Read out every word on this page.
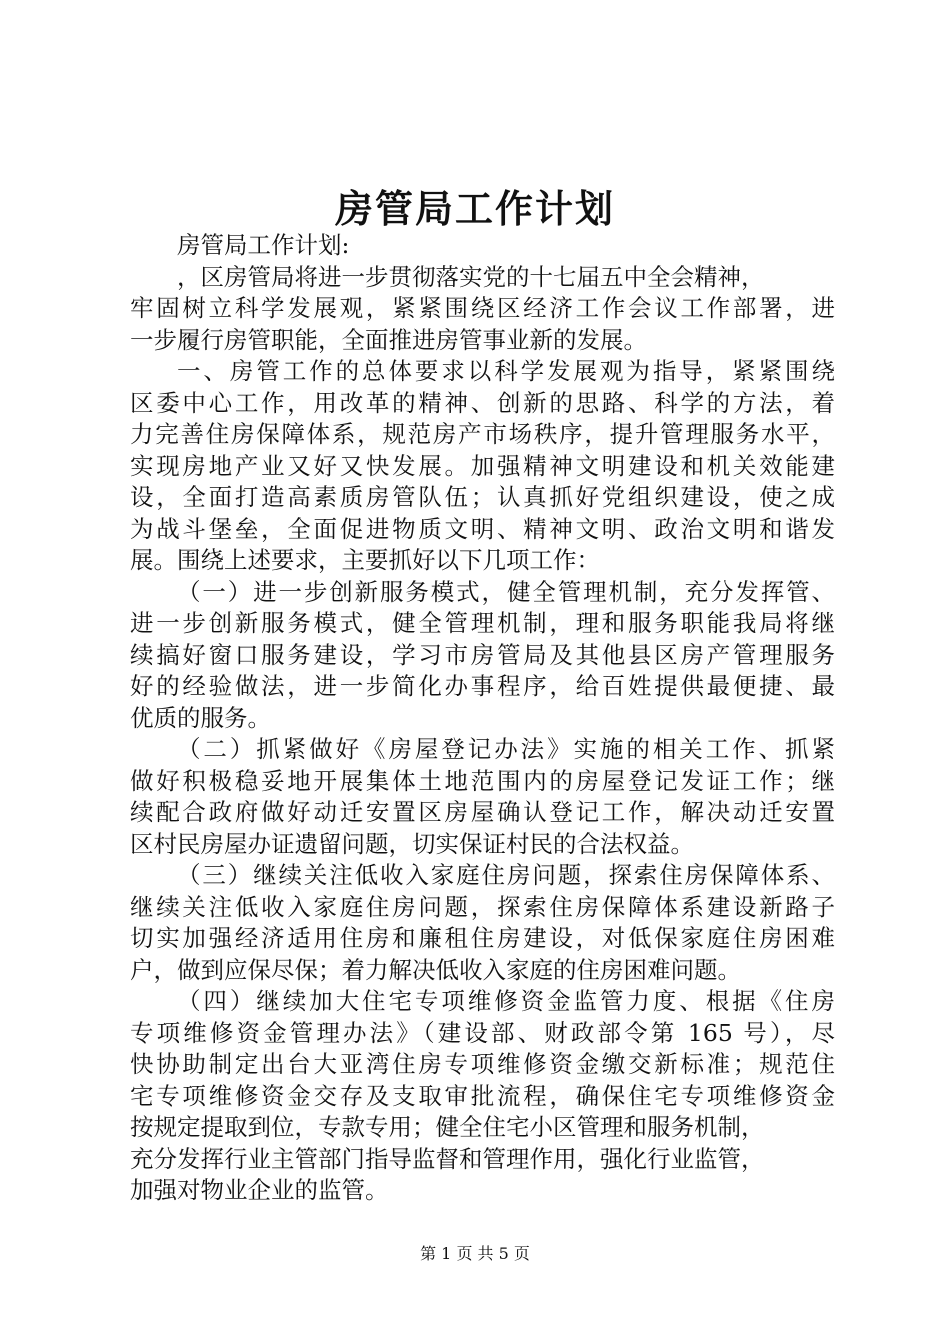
房管局工作计划
房管局工作计划:
，区房管局将进一步贯彻落实党的十七届五中全会精神，
牢固树立科学发展观，紧紧围绕区经济工作会议工作部署，进
一步履行房管职能，全面推进房管事业新的发展。
一、房管工作的总体要求以科学发展观为指导，紧紧围绕
区委中心工作，用改革的精神、创新的思路、科学的方法，着
力完善住房保障体系，规范房产市场秩序，提升管理服务水平，
实现房地产业又好又快发展。加强精神文明建设和机关效能建
设，全面打造高素质房管队伍；认真抓好党组织建设，使之成
为战斗堡垒，全面促进物质文明、精神文明、政治文明和谐发
展。围绕上述要求，主要抓好以下几项工作：
（一）进一步创新服务模式，健全管理机制，充分发挥管、
进一步创新服务模式，健全管理机制，理和服务职能我局将继
续搞好窗口服务建设，学习市房管局及其他县区房产管理服务
好的经验做法，进一步简化办事程序，给百姓提供最便捷、最
优质的服务。
（二）抓紧做好《房屋登记办法》实施的相关工作、抓紧
做好积极稳妥地开展集体土地范围内的房屋登记发证工作；继
续配合政府做好动迁安置区房屋确认登记工作，解决动迁安置
区村民房屋办证遗留问题，切实保证村民的合法权益。
（三）继续关注低收入家庭住房问题，探索住房保障体系、
继续关注低收入家庭住房问题，探索住房保障体系建设新路子
切实加强经济适用住房和廉租住房建设，对低保家庭住房困难
户，做到应保尽保；着力解决低收入家庭的住房困难问题。
（四）继续加大住宅专项维修资金监管力度、根据《住房
专项维修资金管理办法》（建设部、财政部令第 165 号），尽
快协助制定出台大亚湾住房专项维修资金缴交新标准；规范住
宅专项维修资金交存及支取审批流程，确保住宅专项维修资金
按规定提取到位，专款专用；健全住宅小区管理和服务机制，
充分发挥行业主管部门指导监督和管理作用，强化行业监管，
加强对物业企业的监管。
第 1 页 共 5 页
